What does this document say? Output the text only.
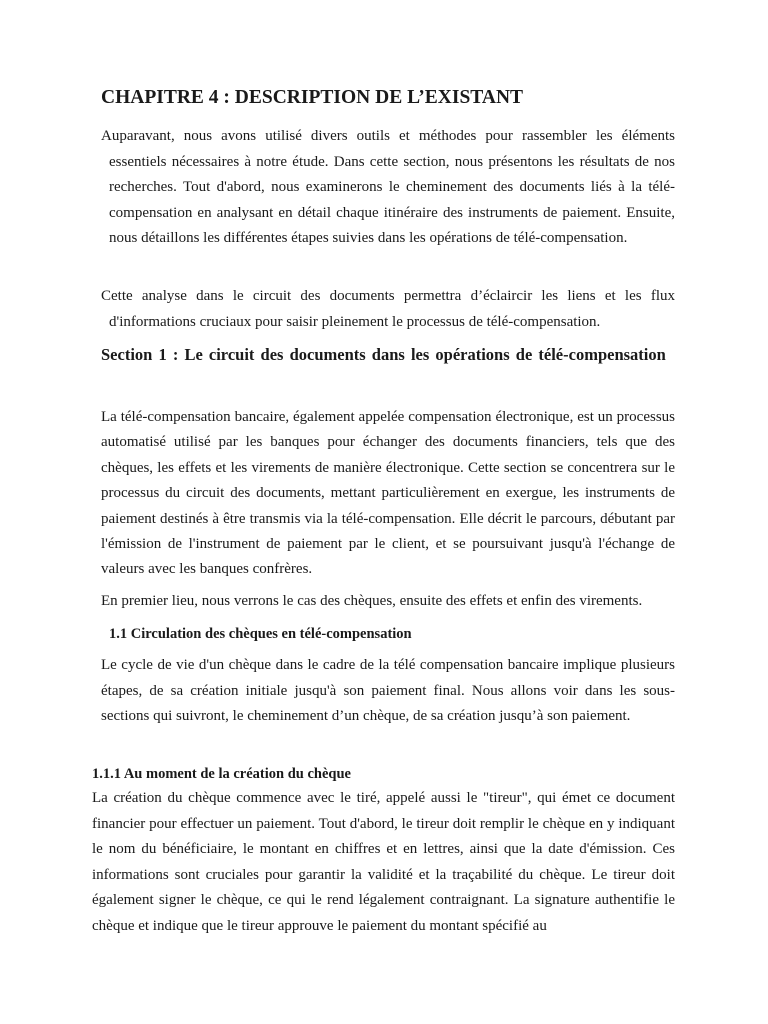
CHAPITRE 4 : DESCRIPTION DE L’EXISTANT

Auparavant, nous avons utilisé divers outils et méthodes pour rassembler les éléments essentiels nécessaires à notre étude. Dans cette section, nous présentons les résultats de nos recherches. Tout d'abord, nous examinerons le cheminement des documents liés à la télé-compensation en analysant en détail chaque itinéraire des instruments de paiement. Ensuite, nous détaillons les différentes étapes suivies dans les opérations de télé-compensation.

Cette analyse dans le circuit des documents permettra d’éclaircir les liens et les flux d'informations cruciaux pour saisir pleinement le processus de télé-compensation.

Section 1 : Le circuit des documents dans les opérations de télé-compensation

La télé-compensation bancaire, également appelée compensation électronique, est un processus automatisé utilisé par les banques pour échanger des documents financiers, tels que des chèques, les effets et les virements de manière électronique. Cette section se concentrera sur le processus du circuit des documents, mettant particulièrement en exergue, les instruments de paiement destinés à être transmis via la télé-compensation. Elle décrit le parcours, débutant par l'émission de l'instrument de paiement par le client, et se poursuivant jusqu'à l'échange de valeurs avec les banques confrères.

En premier lieu, nous verrons le cas des chèques, ensuite des effets et enfin des virements.

1.1 Circulation des chèques en télé-compensation

Le cycle de vie d'un chèque dans le cadre de la télé compensation bancaire implique plusieurs étapes, de sa création initiale jusqu'à son paiement final. Nous allons voir dans les sous-sections qui suivront, le cheminement d’un chèque, de sa création jusqu’à son paiement.

1.1.1 Au moment de la création du chèque

La création du chèque commence avec le tiré, appelé aussi le "tireur", qui émet ce document financier pour effectuer un paiement. Tout d'abord, le tireur doit remplir le chèque en y indiquant le nom du bénéficiaire, le montant en chiffres et en lettres, ainsi que la date d'émission. Ces informations sont cruciales pour garantir la validité et la traçabilité du chèque. Le tireur doit également signer le chèque, ce qui le rend légalement contraignant. La signature authentifie le chèque et indique que le tireur approuve le paiement du montant spécifié au
